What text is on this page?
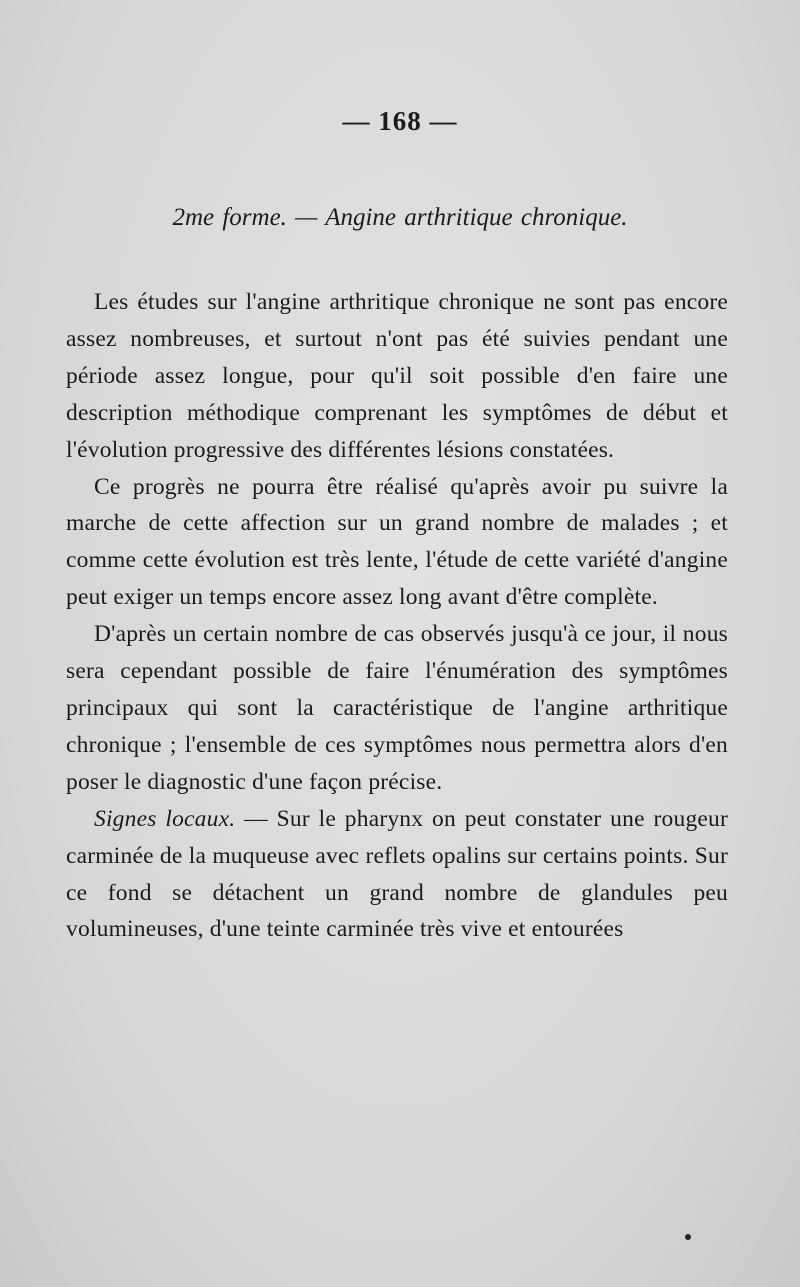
— 168 —
2me forme. — Angine arthritique chronique.

Les études sur l'angine arthritique chronique ne sont pas encore assez nombreuses, et surtout n'ont pas été suivies pendant une période assez longue, pour qu'il soit possible d'en faire une description méthodique comprenant les symptômes de début et l'évolution progressive des différentes lésions constatées.

Ce progrès ne pourra être réalisé qu'après avoir pu suivre la marche de cette affection sur un grand nombre de malades ; et comme cette évolution est très lente, l'étude de cette variété d'angine peut exiger un temps encore assez long avant d'être complète.

D'après un certain nombre de cas observés jusqu'à ce jour, il nous sera cependant possible de faire l'énumération des symptômes principaux qui sont la caractéristique de l'angine arthritique chronique ; l'ensemble de ces symptômes nous permettra alors d'en poser le diagnostic d'une façon précise.

Signes locaux. — Sur le pharynx on peut constater une rougeur carminée de la muqueuse avec reflets opalins sur certains points. Sur ce fond se détachent un grand nombre de glandules peu volumineuses, d'une teinte carminée très vive et entourées
